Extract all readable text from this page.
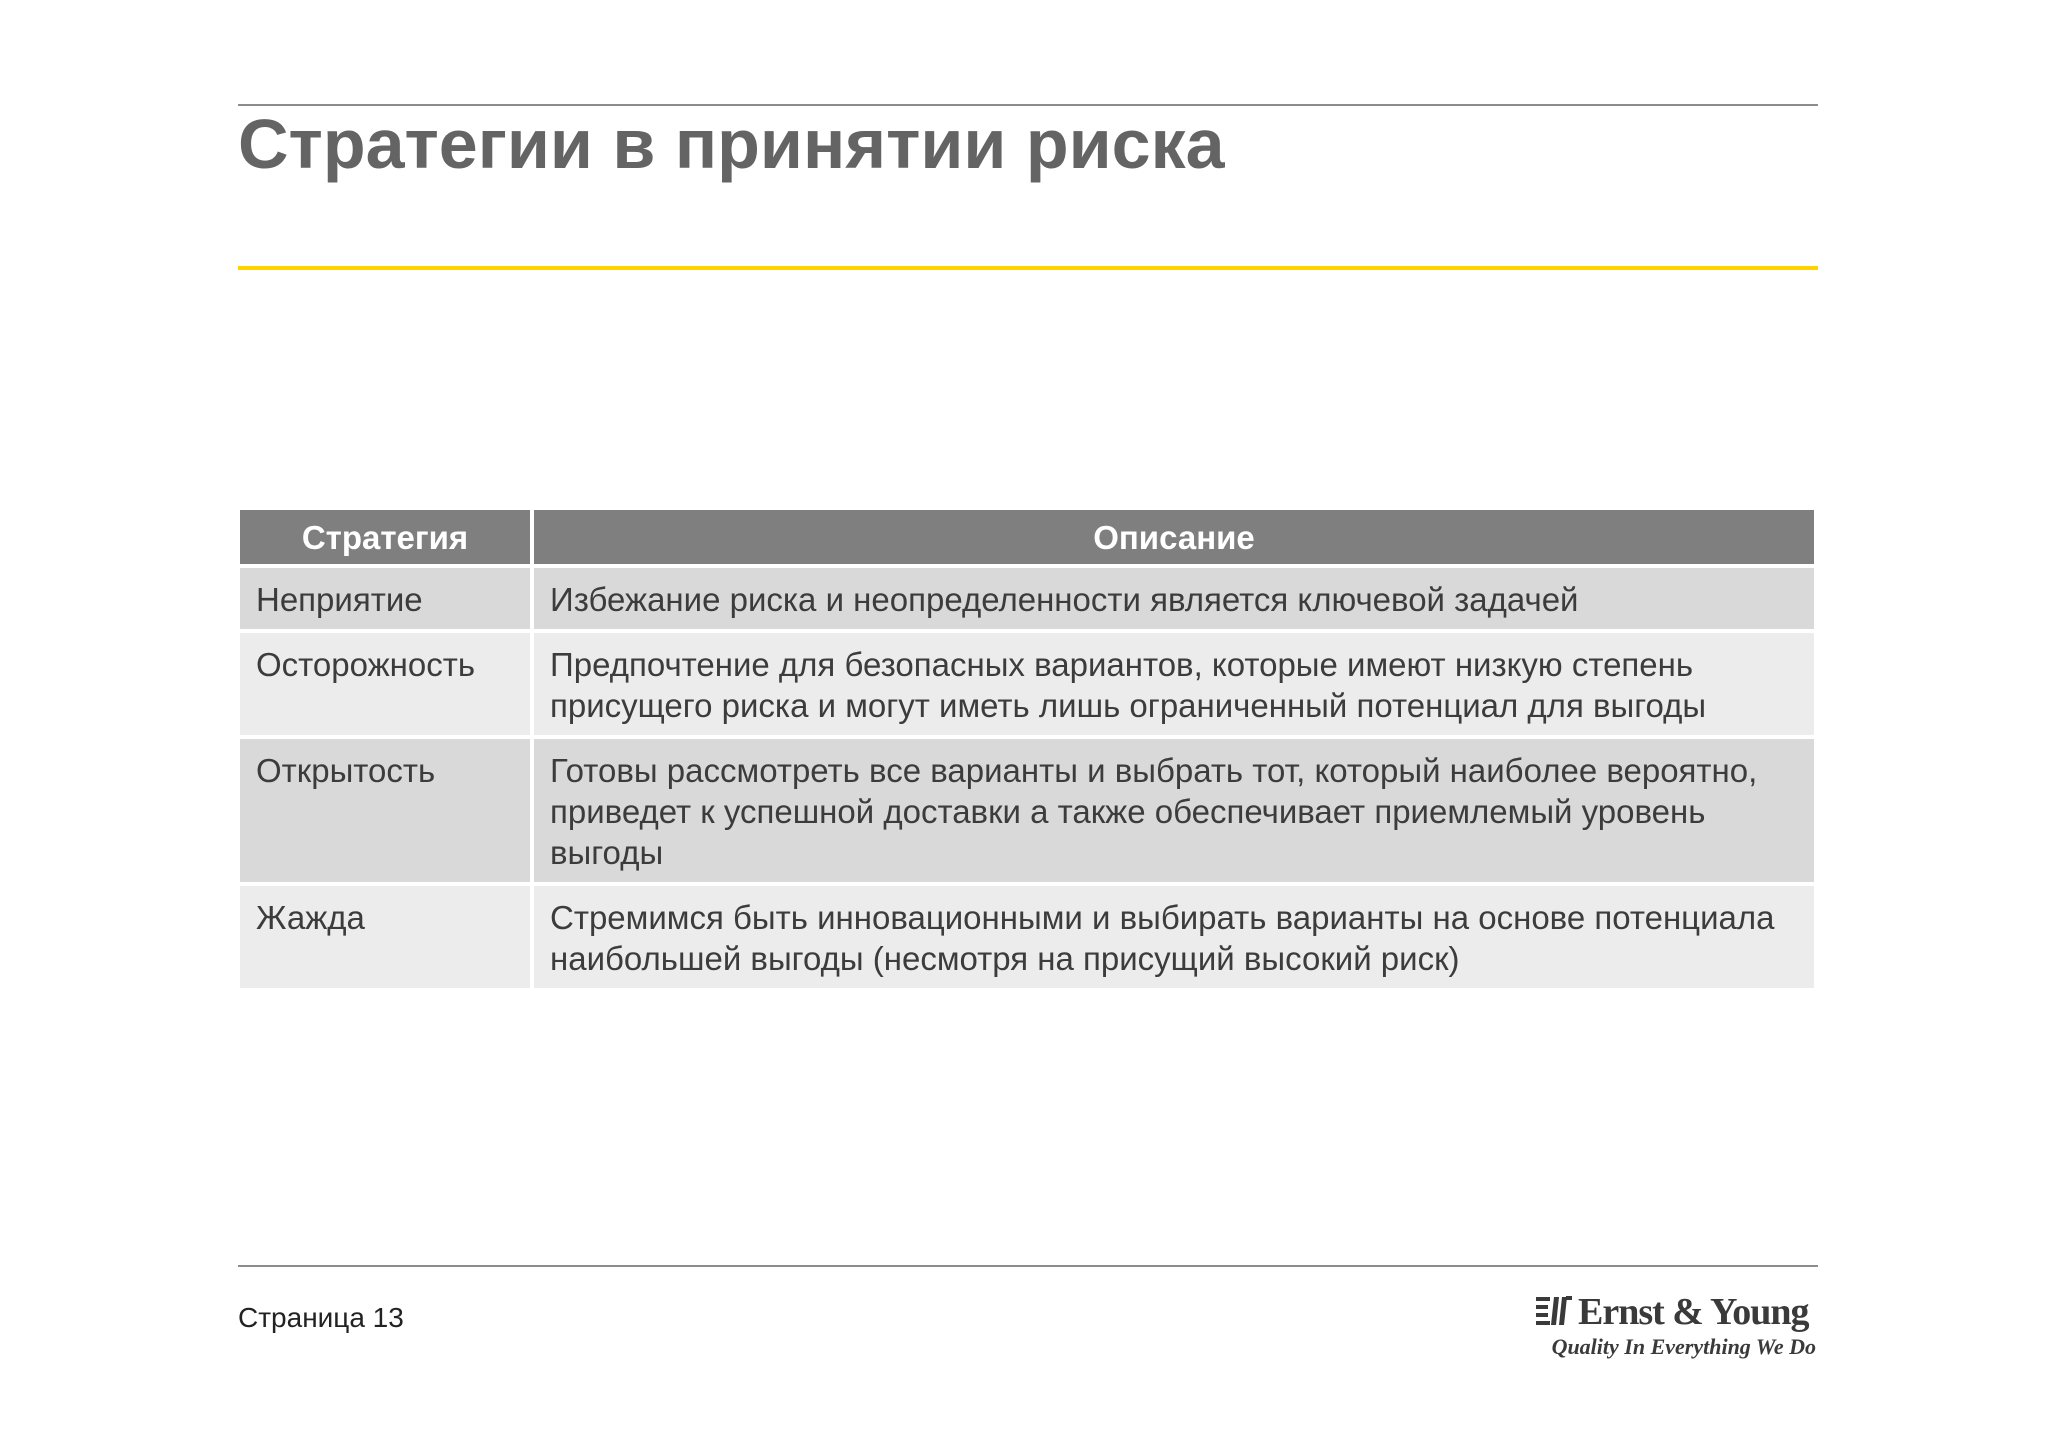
Стратегии в принятии риска
Стратегия	Описание
Неприятие	Избежание риска и неопределенности является ключевой задачей
Осторожность	Предпочтение для безопасных вариантов, которые имеют низкую степень присущего риска и могут иметь лишь ограниченный потенциал для выгоды
Открытость	Готовы рассмотреть все варианты и выбрать тот, который наиболее вероятно, приведет к успешной доставки а также обеспечивает приемлемый уровень выгоды
Жажда	Стремимся быть инновационными и выбирать варианты на основе потенциала наибольшей выгоды (несмотря на присущий высокий риск)
Страница 13	Ernst & Young
Quality In Everything We Do
